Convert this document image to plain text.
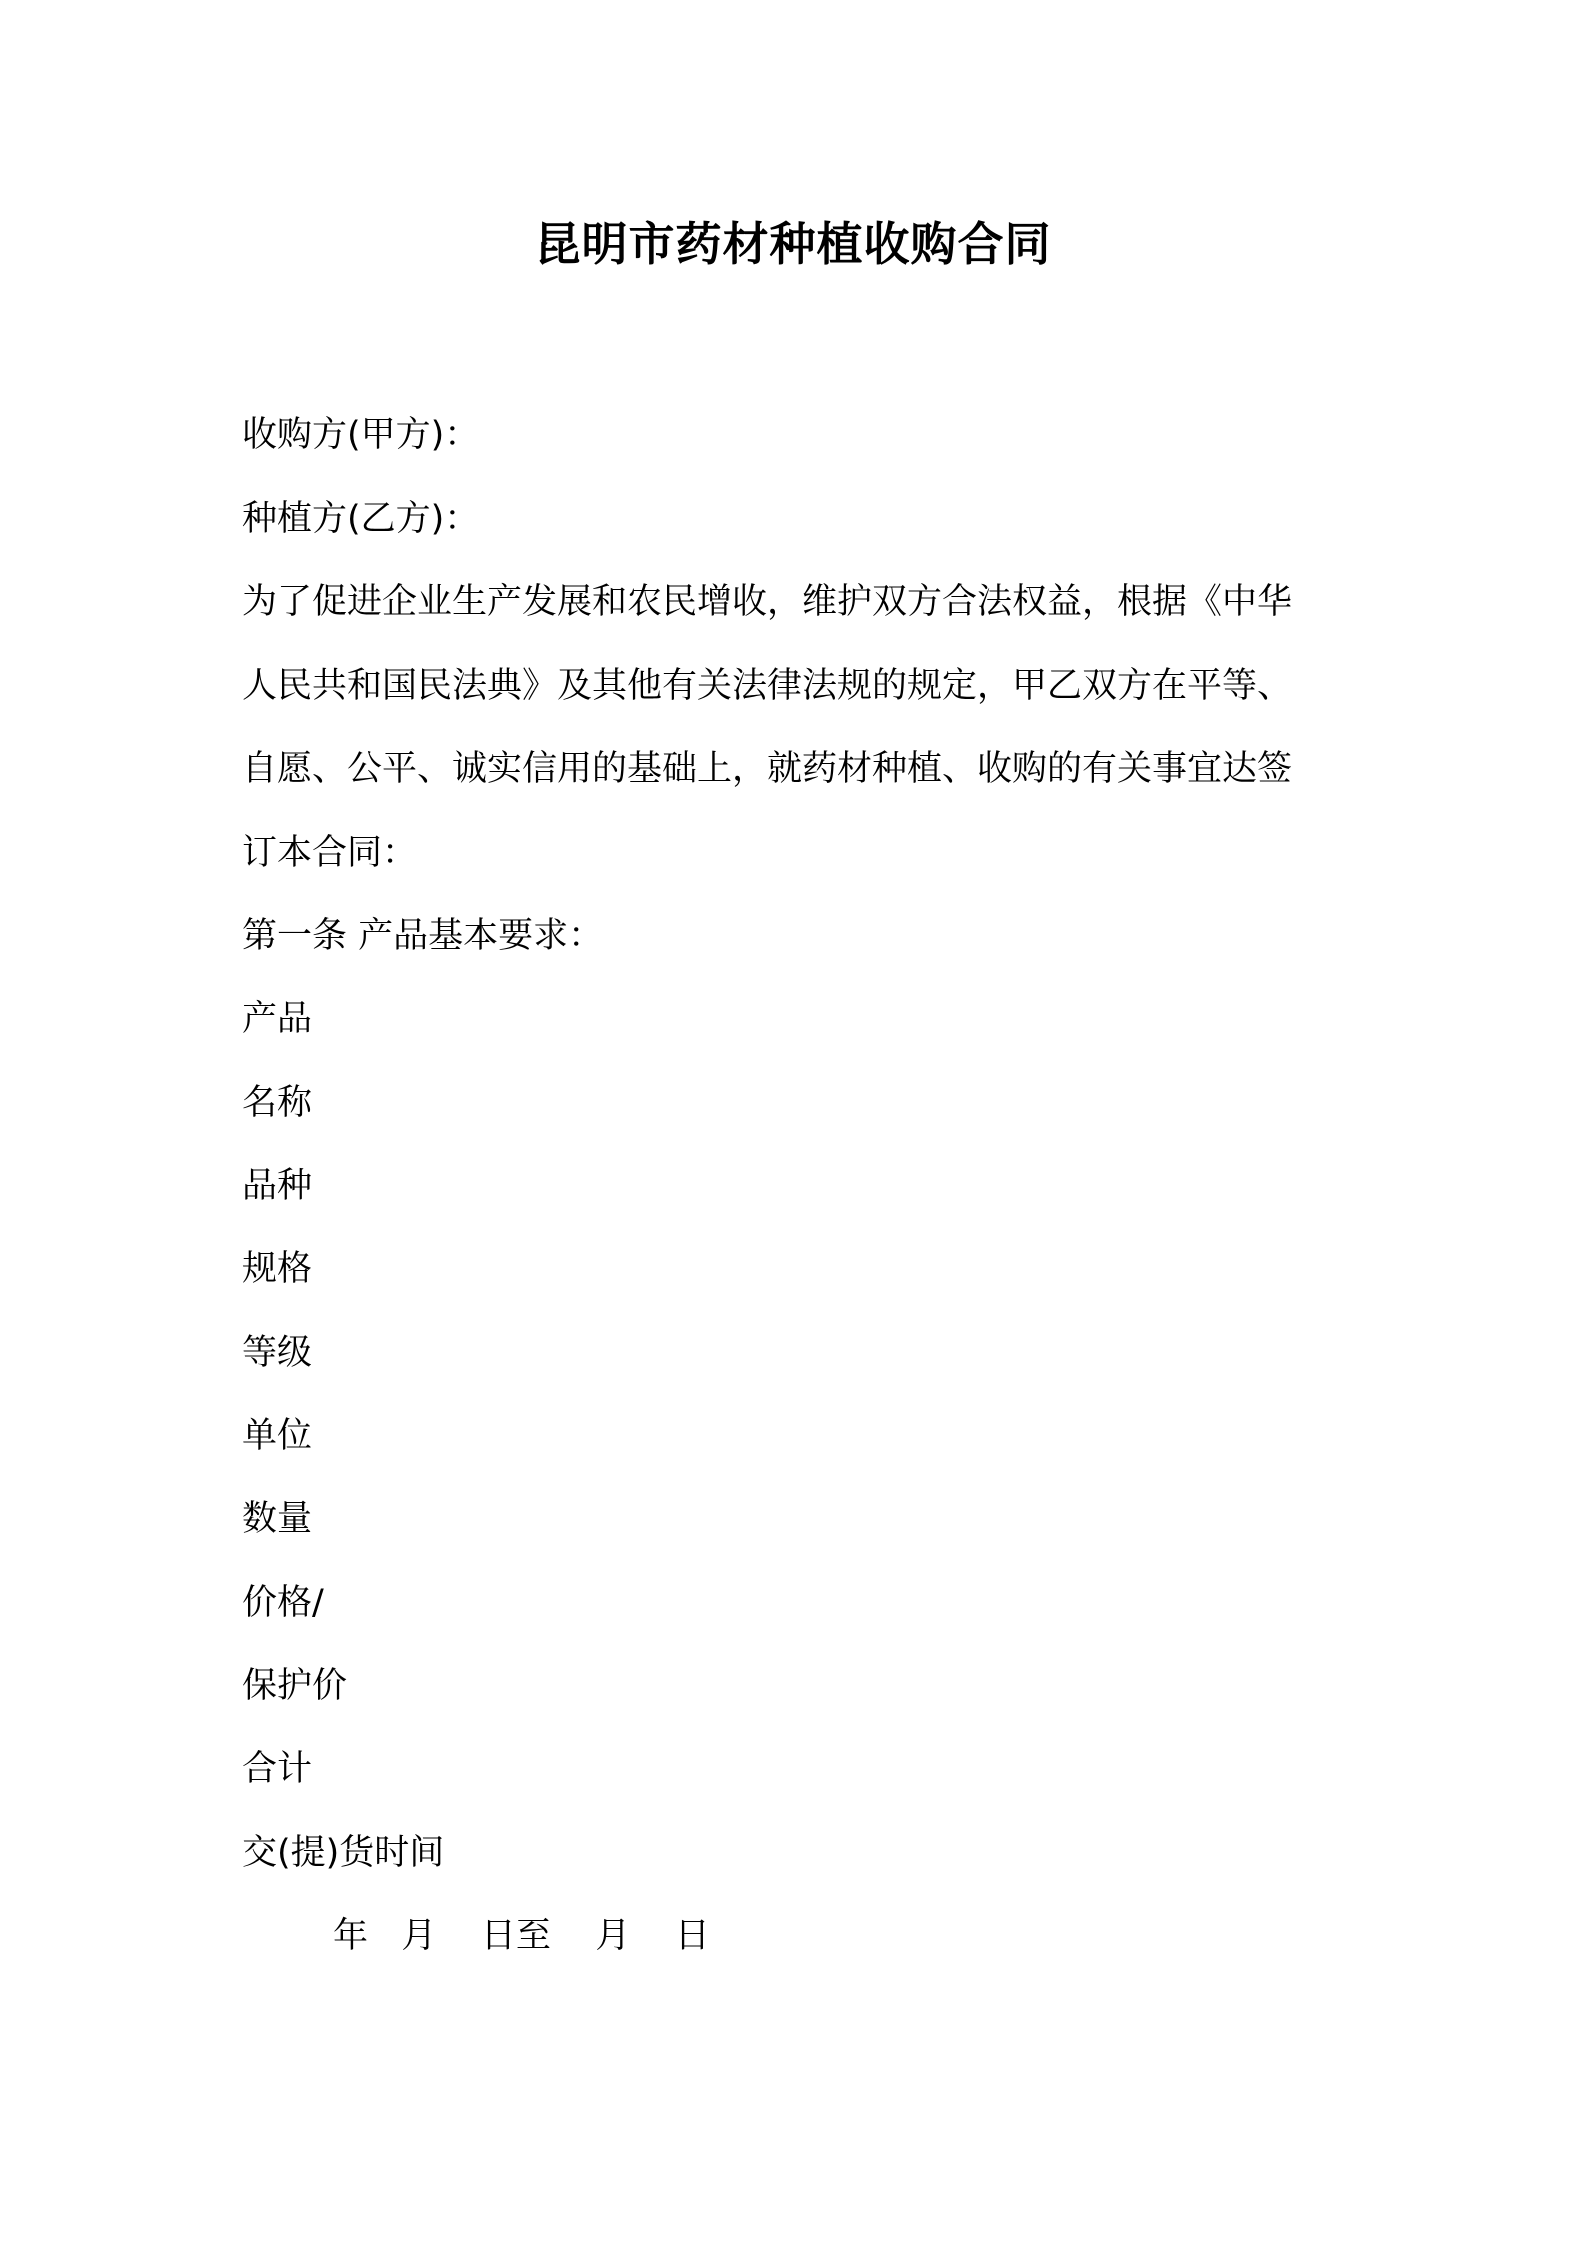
昆明市药材种植收购合同
收购方(甲方)：
种植方(乙方)：
为了促进企业生产发展和农民增收，维护双方合法权益，根据《中华
人民共和国民法典》及其他有关法律法规的规定，甲乙双方在平等、
自愿、公平、诚实信用的基础上，就药材种植、收购的有关事宜达签
订本合同：
第一条 产品基本要求：
产品
名称
品种
规格
等级
单位
数量
价格/
保护价
合计
交(提)货时间
年   月    日至    月    日
